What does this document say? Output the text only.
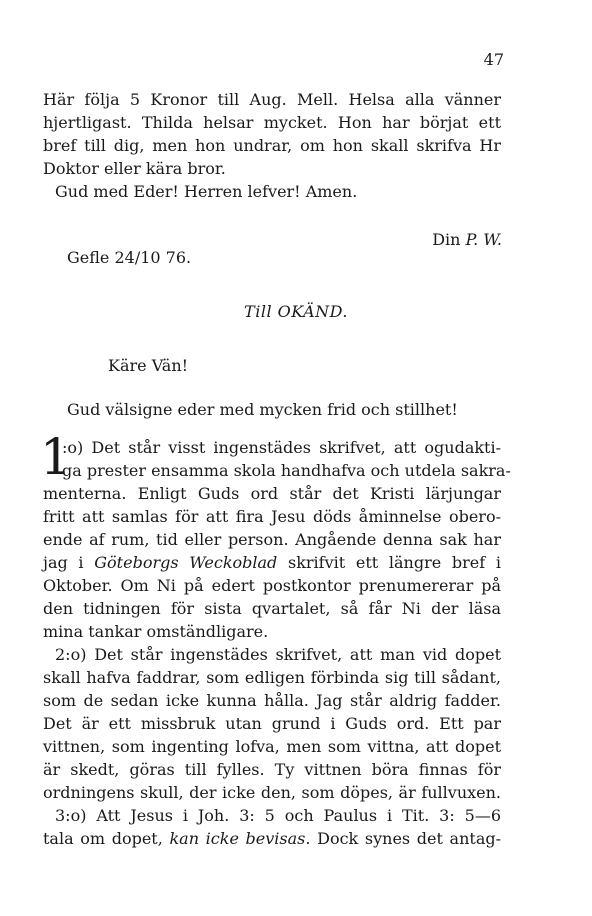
47
Här följa 5 Kronor till Aug. Mell. Helsa alla vänner
hjertligast. Thilda helsar mycket. Hon har börjat ett
bref till dig, men hon undrar, om hon skall skrifva Hr
Doktor eller kära bror.
Gud med Eder! Herren lefver! Amen.
Din P. W.
Gefle 24/10 76.
Till OKÄND.
Käre Vän!
Gud välsigne eder med mycken frid och stillhet!
1
:o) Det står visst ingenstädes skrifvet, att ogudakti-
ga prester ensamma skola handhafva och utdela sakra-
menterna. Enligt Guds ord står det Kristi lärjungar
fritt att samlas för att fira Jesu döds åminnelse obero-
ende af rum, tid eller person. Angående denna sak har
jag i Göteborgs Weckoblad skrifvit ett längre bref i
Oktober. Om Ni på edert postkontor prenumererar på
den tidningen för sista qvartalet, så får Ni der läsa
mina tankar omständligare.
2:o) Det står ingenstädes skrifvet, att man vid dopet
skall hafva faddrar, som edligen förbinda sig till sådant,
som de sedan icke kunna hålla. Jag står aldrig fadder.
Det är ett missbruk utan grund i Guds ord. Ett par
vittnen, som ingenting lofva, men som vittna, att dopet
är skedt, göras till fylles. Ty vittnen böra finnas för
ordningens skull, der icke den, som döpes, är fullvuxen.
3:o) Att Jesus i Joh. 3: 5 och Paulus i Tit. 3: 5—6
tala om dopet, kan icke bevisas. Dock synes det antag-
